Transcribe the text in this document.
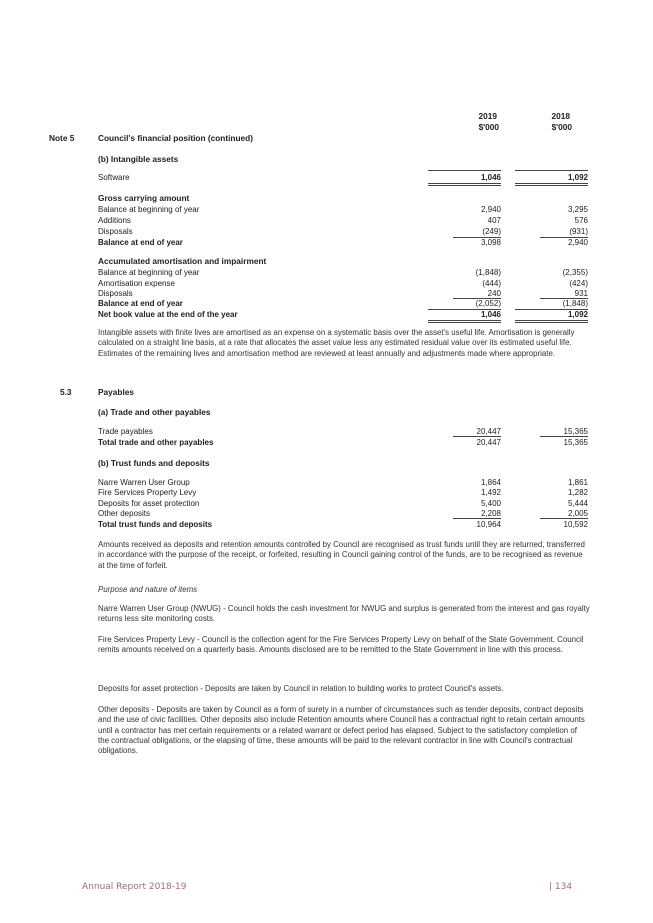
2019	2018
$'000	$'000
Note 5	Council's financial position (continued)
(b) Intangible assets
Software	1,046	1,092
Gross carrying amount
Balance at beginning of year	2,940	3,295
Additions	407	576
Disposals	(249)	(931)
Balance at end of year	3,098	2,940
Accumulated amortisation and impairment
Balance at beginning of year	(1,848)	(2,355)
Amortisation expense	(444)	(424)
Disposals	240	931
Balance at end of year	(2,052)	(1,848)
Net book value at the end of the year	1,046	1,092
Intangible assets with finite lives are amortised as an expense on a systematic basis over the asset's useful life. Amortisation is generally calculated on a straight line basis, at a rate that allocates the asset value less any estimated residual value over its estimated useful life. Estimates of the remaining lives and amortisation method are reviewed at least annually and adjustments made where appropriate.
5.3	Payables
(a) Trade and other payables
Trade payables	20,447	15,365
Total trade and other payables	20,447	15,365
(b) Trust funds and deposits
Narre Warren User Group	1,864	1,861
Fire Services Property Levy	1,492	1,282
Deposits for asset protection	5,400	5,444
Other deposits	2,208	2,005
Total trust funds and deposits	10,964	10,592
Amounts received as deposits and retention amounts controlled by Council are recognised as trust funds until they are returned, transferred in accordance with the purpose of the receipt, or forfeited, resulting in Council gaining control of the funds, are to be recognised as revenue at the time of forfeit.
Purpose and nature of items
Narre Warren User Group (NWUG) - Council holds the cash investment for NWUG and surplus is generated from the interest and gas royalty returns less site monitoring costs.
Fire Services Property Levy - Council is the collection agent for the Fire Services Property Levy on behalf of the State Government. Council remits amounts received on a quarterly basis. Amounts disclosed are to be remitted to the State Government in line with this process.
Deposits for asset protection - Deposits are taken by Council in relation to building works to protect Council's assets.
Other deposits - Deposits are taken by Council as a form of surety in a number of circumstances such as tender deposits, contract deposits and the use of civic facilities. Other deposits also include Retention amounts where Council has a contractual right to retain certain amounts until a contractor has met certain requirements or a related warrant or defect period has elapsed. Subject to the satisfactory completion of the contractual obligations, or the elapsing of time, these amounts will be paid to the relevant contractor in line with Council's contractual obligations.
Annual Report 2018-19	| 134
